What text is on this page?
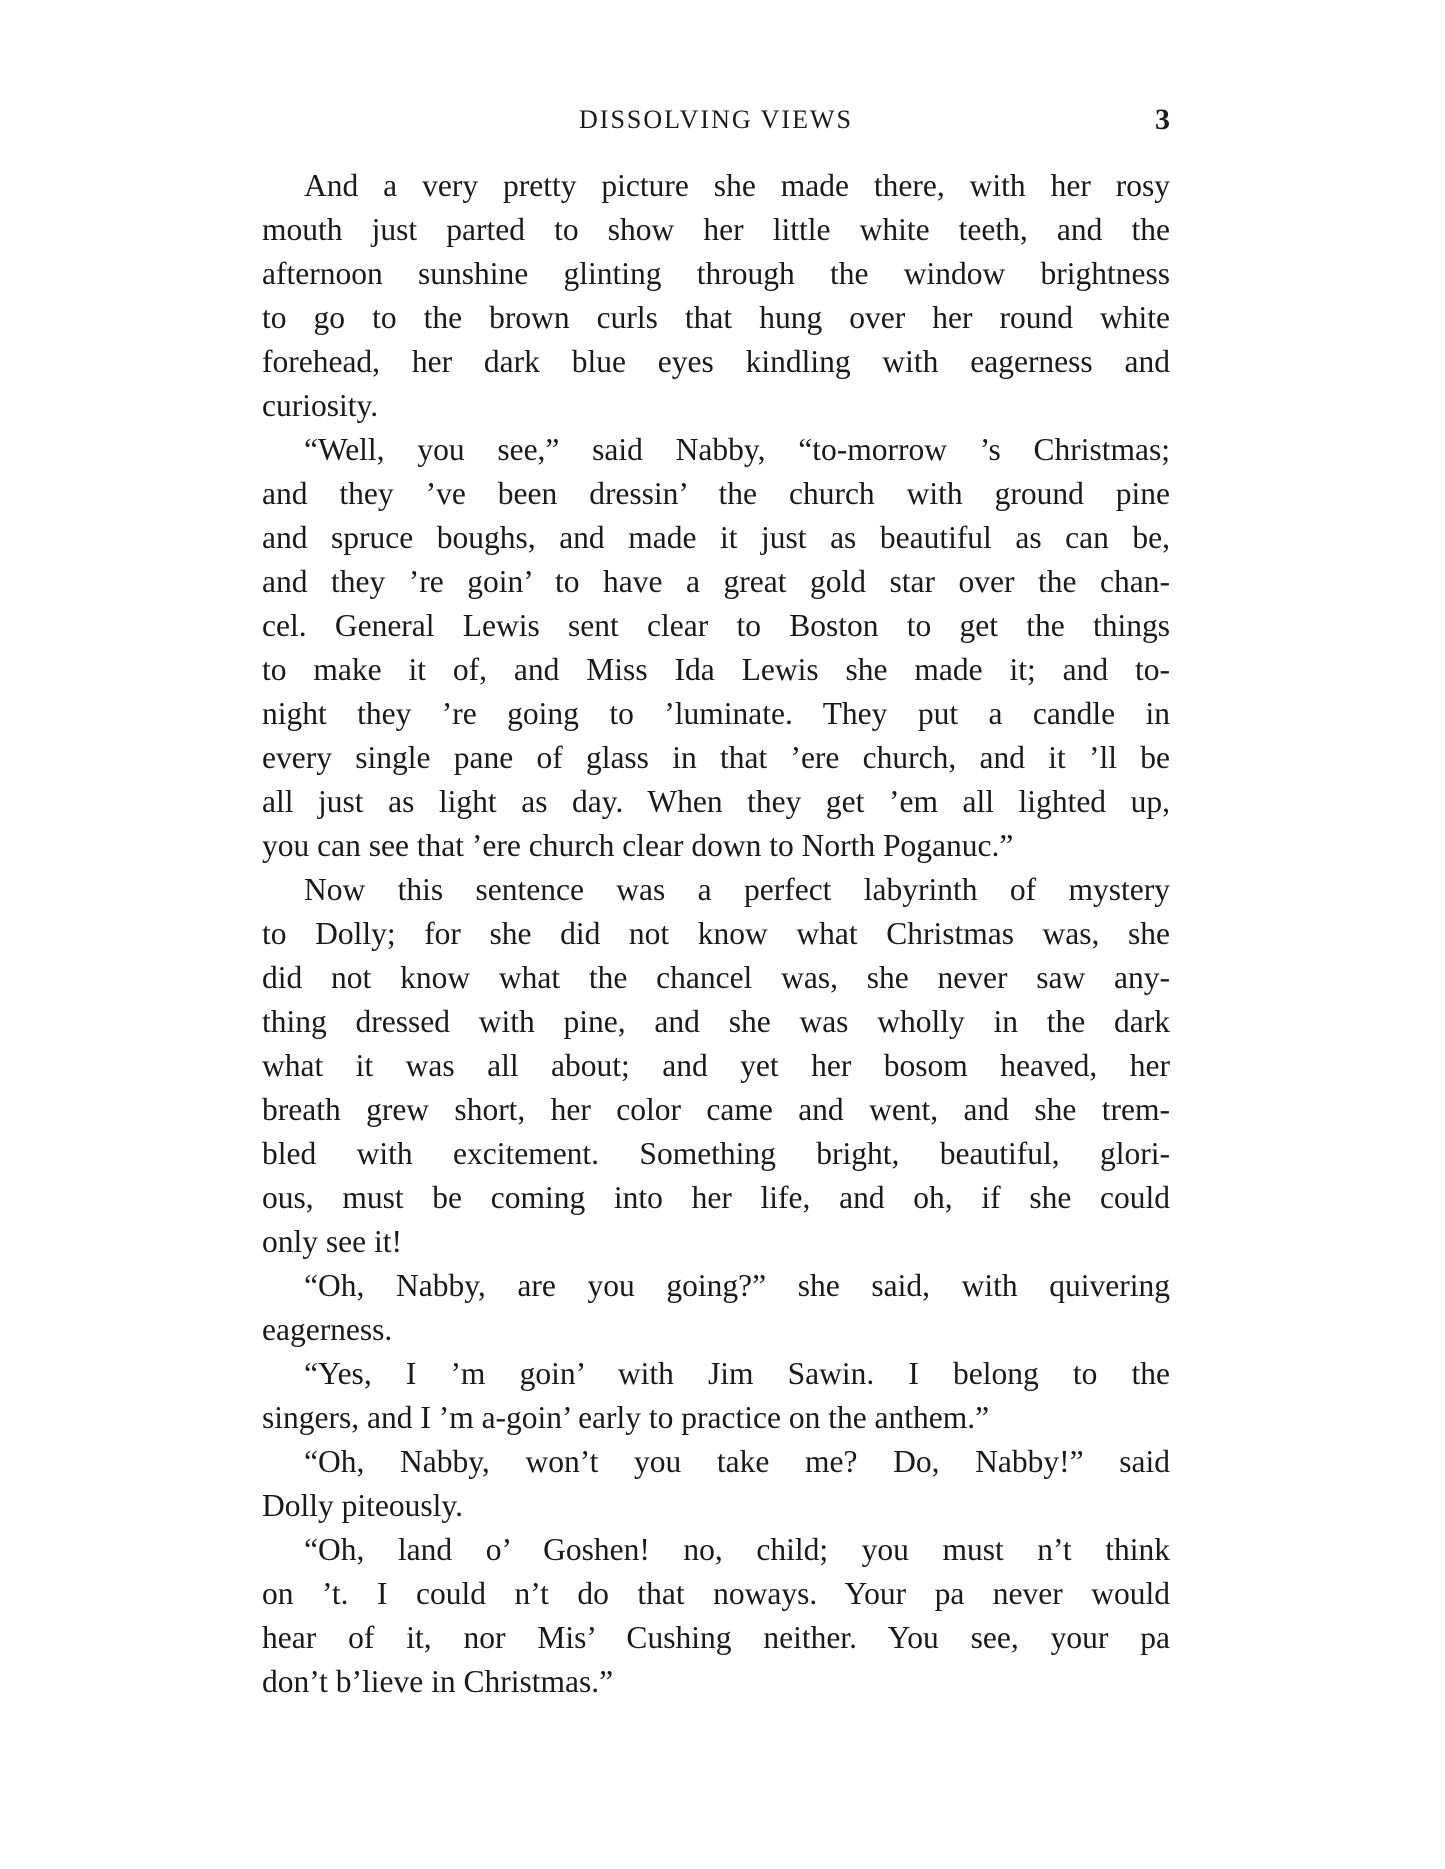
DISSOLVING VIEWS	3
And a very pretty picture she made there, with her rosy
mouth just parted to show her little white teeth, and the
afternoon sunshine glinting through the window brightness
to go to the brown curls that hung over her round white
forehead, her dark blue eyes kindling with eagerness and
curiosity.
“Well, you see,” said Nabby, “to-morrow ’s Christmas;
and they ’ve been dressin’ the church with ground pine
and spruce boughs, and made it just as beautiful as can be,
and they ’re goin’ to have a great gold star over the chan-
cel. General Lewis sent clear to Boston to get the things
to make it of, and Miss Ida Lewis she made it; and to-
night they ’re going to ’luminate. They put a candle in
every single pane of glass in that ’ere church, and it ’ll be
all just as light as day. When they get ’em all lighted up,
you can see that ’ere church clear down to North Poganuc.”
Now this sentence was a perfect labyrinth of mystery
to Dolly; for she did not know what Christmas was, she
did not know what the chancel was, she never saw any-
thing dressed with pine, and she was wholly in the dark
what it was all about; and yet her bosom heaved, her
breath grew short, her color came and went, and she trem-
bled with excitement. Something bright, beautiful, glori-
ous, must be coming into her life, and oh, if she could
only see it!
“Oh, Nabby, are you going?” she said, with quivering
eagerness.
“Yes, I ’m goin’ with Jim Sawin. I belong to the
singers, and I ’m a-goin’ early to practice on the anthem.”
“Oh, Nabby, won’t you take me? Do, Nabby!” said
Dolly piteously.
“Oh, land o’ Goshen! no, child; you must n’t think
on ’t. I could n’t do that noways. Your pa never would
hear of it, nor Mis’ Cushing neither. You see, your pa
don’t b’lieve in Christmas.”
